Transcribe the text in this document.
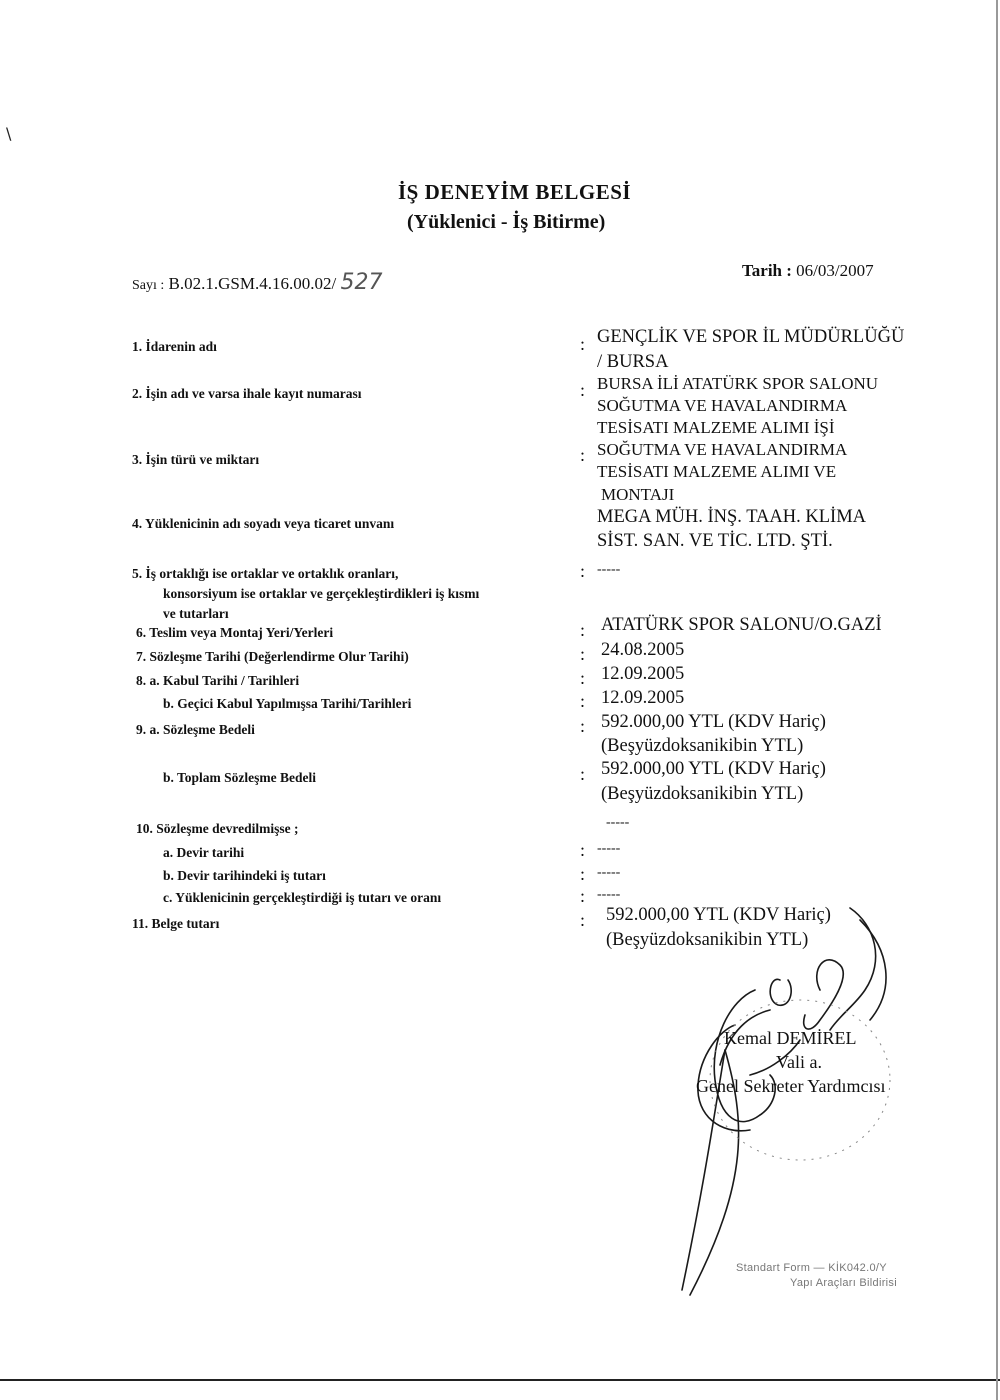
\
İŞ DENEYİM BELGESİ
(Yüklenici - İş Bitirme)
Sayı : B.02.1.GSM.4.16.00.02/ 527	Tarih : 06/03/2007
1. İdarenin adı
2. İşin adı ve varsa ihale kayıt numarası
3. İşin türü ve miktarı
4. Yüklenicinin adı soyadı veya ticaret unvanı
5. İş ortaklığı ise ortaklar ve ortaklık oranları,
konsorsiyum ise ortaklar ve gerçekleştirdikleri iş kısmı
ve tutarları
6. Teslim veya Montaj Yeri/Yerleri
7. Sözleşme Tarihi (Değerlendirme Olur Tarihi)
8. a. Kabul Tarihi / Tarihleri
b. Geçici Kabul Yapılmışsa Tarihi/Tarihleri
9. a. Sözleşme Bedeli
b. Toplam Sözleşme Bedeli
10. Sözleşme devredilmişse ;
a. Devir tarihi
b. Devir tarihindeki iş tutarı
c. Yüklenicinin gerçekleştirdiği iş tutarı ve oranı
11. Belge tutarı
:
:
:
:
:
:
:
:
:
:
:
:
:
:
GENÇLİK VE SPOR İL MÜDÜRLÜĞÜ
/ BURSA
BURSA İLİ ATATÜRK SPOR SALONU
SOĞUTMA VE HAVALANDIRMA
TESİSATI MALZEME ALIMI İŞİ
SOĞUTMA VE HAVALANDIRMA
TESİSATI MALZEME ALIMI VE
MONTAJI
MEGA MÜH. İNŞ. TAAH. KLİMA
SİST. SAN. VE TİC. LTD. ŞTİ.
-----
ATATÜRK SPOR SALONU/O.GAZİ
24.08.2005
12.09.2005
12.09.2005
592.000,00 YTL (KDV Hariç)
(Beşyüzdoksanikibin YTL)
592.000,00 YTL (KDV Hariç)
(Beşyüzdoksanikibin YTL)
-----
-----
-----
-----
592.000,00 YTL (KDV Hariç)
(Beşyüzdoksanikibin YTL)
Kemal DEMİREL
Vali a.
Genel Sekreter Yardımcısı
Standart Form — KİK042.0/Y
Yapı Araçları Bildirisi
